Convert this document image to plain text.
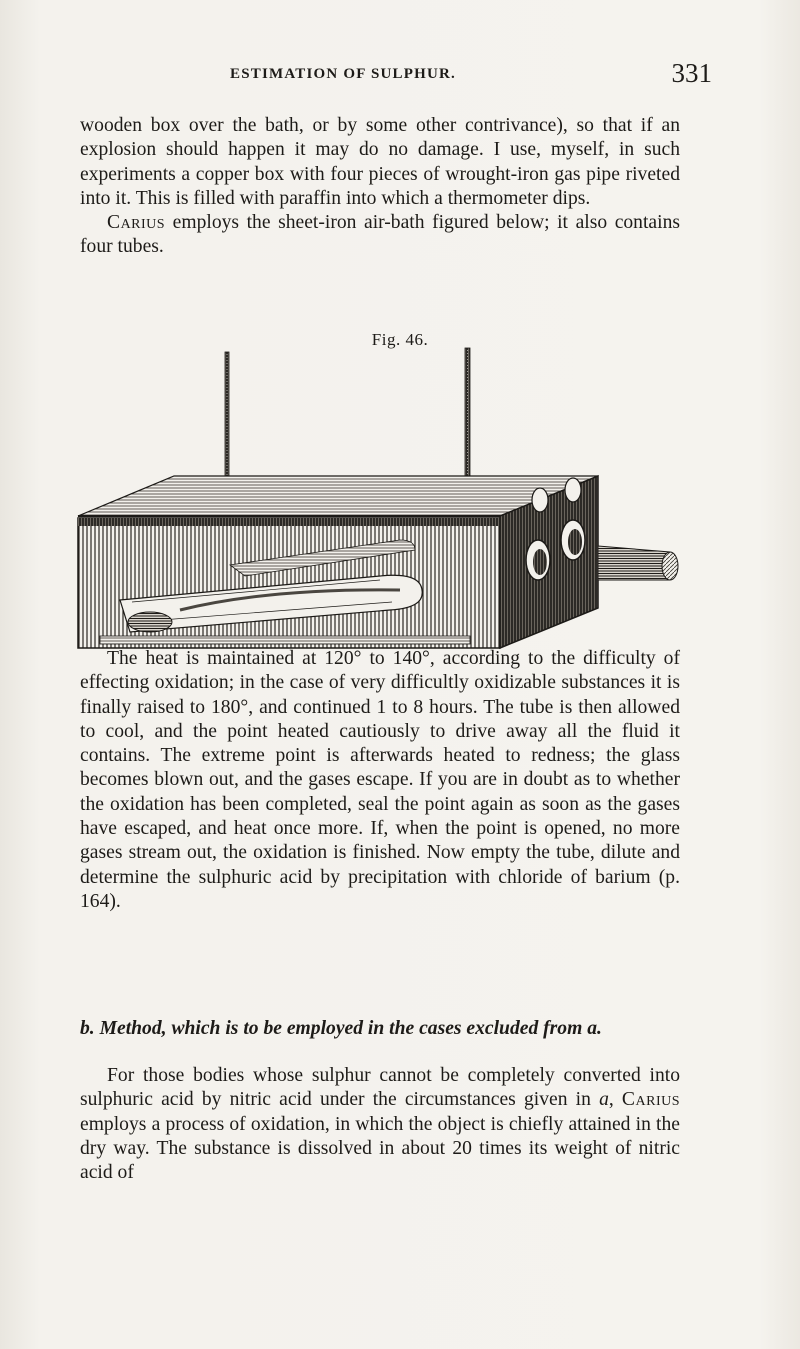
ESTIMATION OF SULPHUR.	331

wooden box over the bath, or by some other contrivance), so that if an explosion should happen it may do no damage. I use, myself, in such experiments a copper box with four pieces of wrought-iron gas pipe riveted into it. This is filled with paraffin into which a thermometer dips.

Carius employs the sheet-iron air-bath figured below; it also contains four tubes.

Fig. 46.
The heat is maintained at 120° to 140°, according to the difficulty of effecting oxidation; in the case of very difficultly oxidizable substances it is finally raised to 180°, and continued 1 to 8 hours. The tube is then allowed to cool, and the point heated cautiously to drive away all the fluid it contains. The extreme point is afterwards heated to redness; the glass becomes blown out, and the gases escape. If you are in doubt as to whether the oxidation has been completed, seal the point again as soon as the gases have escaped, and heat once more. If, when the point is opened, no more gases stream out, the oxidation is finished. Now empty the tube, dilute and determine the sulphuric acid by precipitation with chloride of barium (p. 164).
b. Method, which is to be employed in the cases excluded from a.

For those bodies whose sulphur cannot be completely converted into sulphuric acid by nitric acid under the circumstances given in a, Carius employs a process of oxidation, in which the object is chiefly attained in the dry way. The substance is dissolved in about 20 times its weight of nitric acid of
